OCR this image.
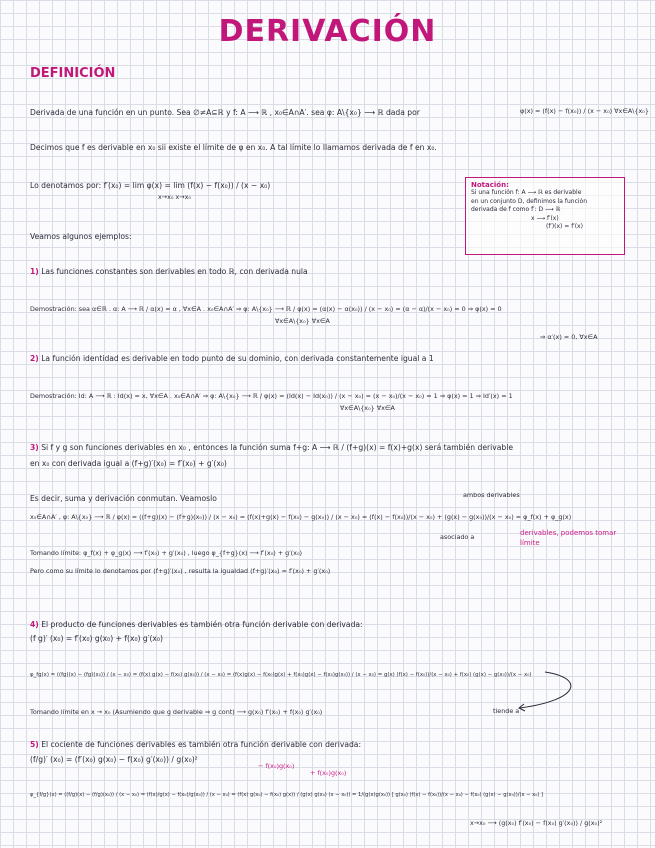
DERIVACIÓN
DEFINICIÓN
Derivada de una función en un punto. Sea ∅≠A⊆ℝ y f: A ⟶ ℝ , x₀∈A∩A′. sea φ: A\{x₀} ⟶ ℝ dada por	φ(x) = (f(x) − f(x₀)) / (x − x₀) ∀x∈A\{x₀}
Decimos que f es derivable en x₀ sii existe el límite de φ en x₀. A tal límite lo llamamos derivada de f en x₀.
Lo denotamos por: f′(x₀) = lim φ(x) = lim (f(x) − f(x₀)) / (x − x₀)
x→x₀ x→x₀
Notación:
Si una función f: A ⟶ ℝ es derivable
en un conjunto D, definimos la función
derivada de f como f′: D ⟶ ℝ
x ⟶ f′(x)
(f′)(x) = f′(x)
Veamos algunos ejemplos:
1) Las funciones constantes son derivables en todo ℝ, con derivada nula
Demostración: sea α∈ℝ . α: A ⟶ ℝ / α(x) = α , ∀x∈A . x₀∈A∩A′ ⇒ φ: A\{x₀} ⟶ ℝ / φ(x) = (α(x) − α(x₀)) / (x − x₀) = (α − α)/(x − x₀) = 0 ⇒ φ(x) = 0
∀x∈A\{x₀} ∀x∈A
⇒ α′(x) = 0, ∀x∈A
2) La función identidad es derivable en todo punto de su dominio, con derivada constantemente igual a 1
Demostración: Id: A ⟶ ℝ : Id(x) = x, ∀x∈A . x₀∈A∩A′ ⇒ φ: A\{x₀} ⟶ ℝ / φ(x) = (Id(x) − Id(x₀)) / (x − x₀) = (x − x₀)/(x − x₀) = 1 ⇒ φ(x) = 1 ⇒ Id′(x) = 1
∀x∈A\{x₀} ∀x∈A
3) Si f y g son funciones derivables en x₀ , entonces la función suma f+g: A ⟶ ℝ / (f+g)(x) = f(x)+g(x) será también derivable
en x₀ con derivada igual a (f+g)′(x₀) = f′(x₀) + g′(x₀)
Es decir, suma y derivación conmutan. Veamoslo	ambos derivables
x₀∈A∩A′ , φ: A\{x₀} ⟶ ℝ / φ(x) = ((f+g)(x) − (f+g)(x₀)) / (x − x₀) = (f(x)+g(x) − f(x₀) − g(x₀)) / (x − x₀) = (f(x) − f(x₀))/(x − x₀) + (g(x) − g(x₀))/(x − x₀) = φ_f(x) + φ_g(x)
asociado a	derivables, podemos tomar límite
Tomando límite: φ_f(x) + φ_g(x) ⟶ f′(x₀) + g′(x₀) , luego φ_{f+g}(x) ⟶ f′(x₀) + g′(x₀)
Pero como su límite lo denotamos por (f+g)′(x₀) , resulta la igualdad (f+g)′(x₀) = f′(x₀) + g′(x₀)
4) El producto de funciones derivables es también otra función derivable con derivada:
(f g)′ (x₀) = f′(x₀) g(x₀) + f(x₀) g′(x₀)
φ_fg(x) = ((fg)(x) − (fg)(x₀)) / (x − x₀) = (f(x) g(x) − f(x₀) g(x₀)) / (x − x₀) = (f(x)g(x) − f(x₀)g(x) + f(x₀)g(x) − f(x₀)g(x₀)) / (x − x₀) = g(x) (f(x) − f(x₀))/(x − x₀) + f(x₀) (g(x) − g(x₀))/(x − x₀)
Tomando límite en x → x₀ (Asumiendo que g derivable ⇒ g cont) ⟶ g(x₀) f′(x₀) + f(x₀) g′(x₀)	tiende a
5) El cociente de funciones derivables es también otra función derivable con derivada:
(f/g)′ (x₀) = (f′(x₀) g(x₀) − f(x₀) g′(x₀)) / g(x₀)²
− f(x₀)g(x₀)
+ f(x₀)g(x₀)
φ_{f/g}(x) = ((f/g)(x) − (f/g)(x₀)) / (x − x₀) = (f(x)/g(x) − f(x₀)/g(x₀)) / (x − x₀) = (f(x) g(x₀) − f(x₀) g(x)) / (g(x) g(x₀) (x − x₀)) = 1/(g(x)g(x₀)) [ g(x₀) (f(x) − f(x₀))/(x − x₀) − f(x₀) (g(x) − g(x₀))/(x − x₀) ]
x→x₀ ⟶ (g(x₀) f′(x₀) − f(x₀) g′(x₀)) / g(x₀)²
